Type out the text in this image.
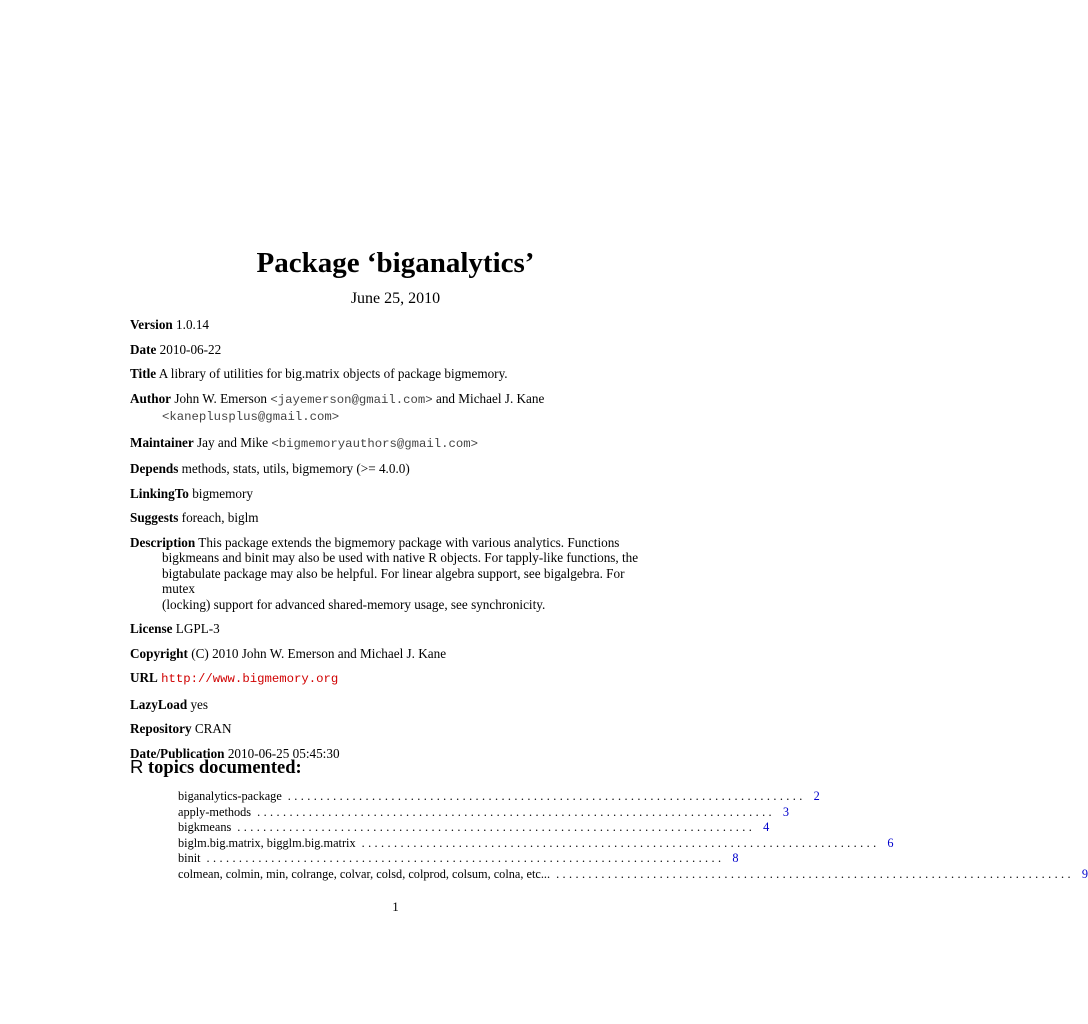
Package ‘biganalytics’
June 25, 2010
Version 1.0.14
Date 2010-06-22
Title A library of utilities for big.matrix objects of package bigmemory.
Author John W. Emerson <jayemerson@gmail.com> and Michael J. Kane
<kaneplusplus@gmail.com>
Maintainer Jay and Mike <bigmemoryauthors@gmail.com>
Depends methods, stats, utils, bigmemory (>= 4.0.0)
LinkingTo bigmemory
Suggests foreach, biglm
Description This package extends the bigmemory package with various analytics. Functions
bigkmeans and binit may also be used with native R objects. For tapply-like functions, the
bigtabulate package may also be helpful. For linear algebra support, see bigalgebra. For mutex
(locking) support for advanced shared-memory usage, see synchronicity.
License LGPL-3
Copyright (C) 2010 John W. Emerson and Michael J. Kane
URL http://www.bigmemory.org
LazyLoad yes
Repository CRAN
Date/Publication 2010-06-25 05:45:30
R topics documented:
biganalytics-package ................................................................................ 2
apply-methods ................................................................................ 3
bigkmeans ................................................................................ 4
biglm.big.matrix, bigglm.big.matrix ................................................................................ 6
binit ................................................................................ 8
colmean, colmin, min, colrange, colvar, colsd, colprod, colsum, colna, etc... ................................................................................ 9
1
